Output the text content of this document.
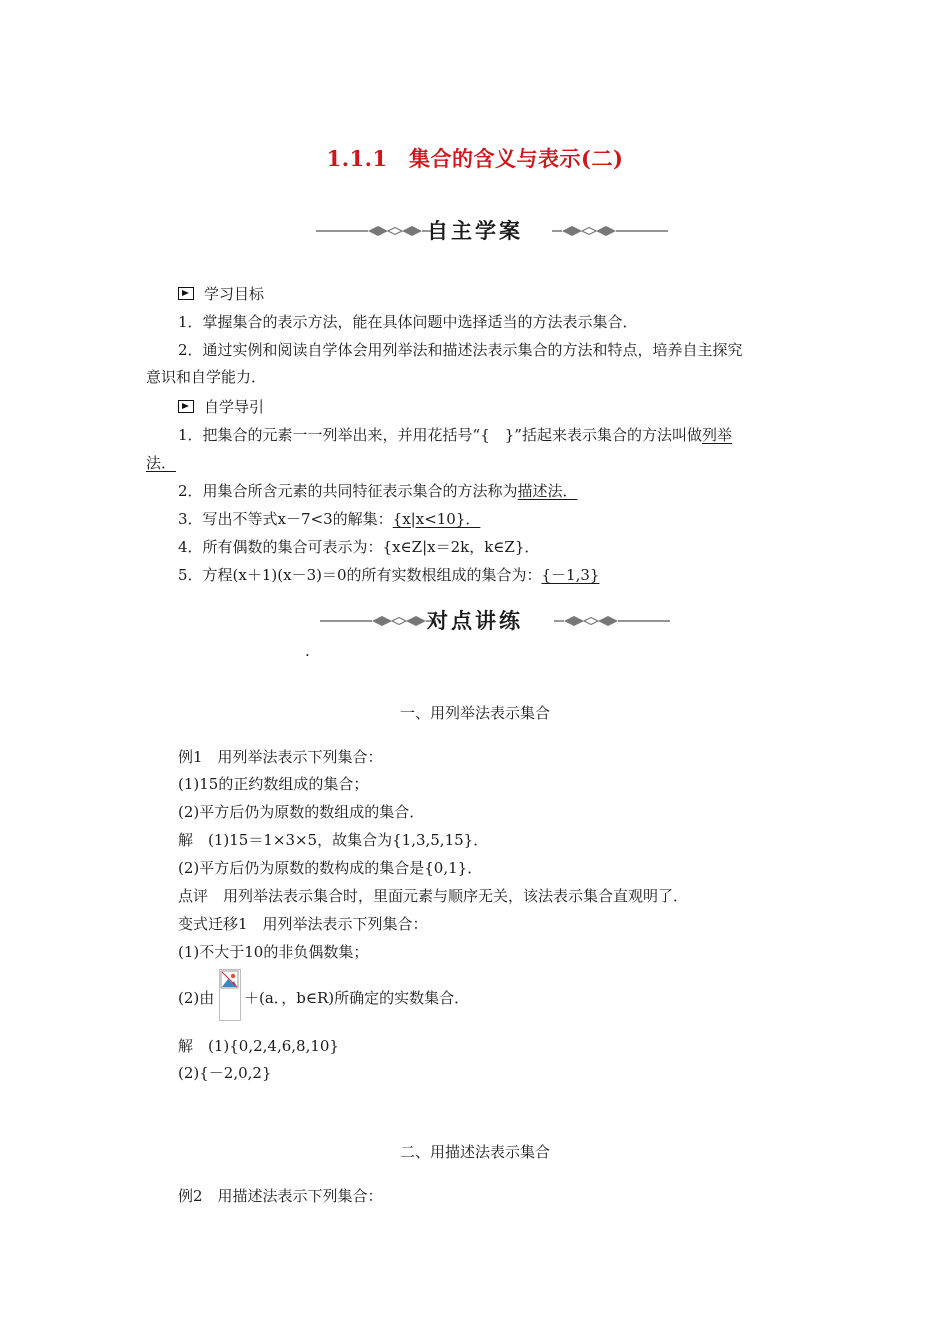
1.1.1　集合的含义与表示(二)
自主学案
学习目标
1．掌握集合的表示方法，能在具体问题中选择适当的方法表示集合．
2．通过实例和阅读自学体会用列举法和描述法表示集合的方法和特点，培养自主探究
意识和自学能力．
自学导引
1．把集合的元素一一列举出来，并用花括号“{　}”括起来表示集合的方法叫做列举
法．
2．用集合所含元素的共同特征表示集合的方法称为描述法．
3．写出不等式x－7<3的解集：{x|x<10}．
4．所有偶数的集合可表示为：{x∈Z|x＝2k，k∈Z}．
5．方程(x＋1)(x－3)＝0的所有实数根组成的集合为：{－1,3}
对点讲练
.
一、用列举法表示集合
例1　用列举法表示下列集合：
(1)15的正约数组成的集合；
(2)平方后仍为原数的数组成的集合．
解　(1)15＝1×3×5，故集合为{1,3,5,15}．
(2)平方后仍为原数的数构成的集合是{0,1}．
点评　用列举法表示集合时，里面元素与顺序无关，该法表示集合直观明了．
变式迁移1　用列举法表示下列集合：
(1)不大于10的非负偶数集；
(2)由 ＋(a．，b∈R)所确定的实数集合．
解　(1){0,2,4,6,8,10}
(2){－2,0,2}
二、用描述法表示集合
例2　用描述法表示下列集合：
